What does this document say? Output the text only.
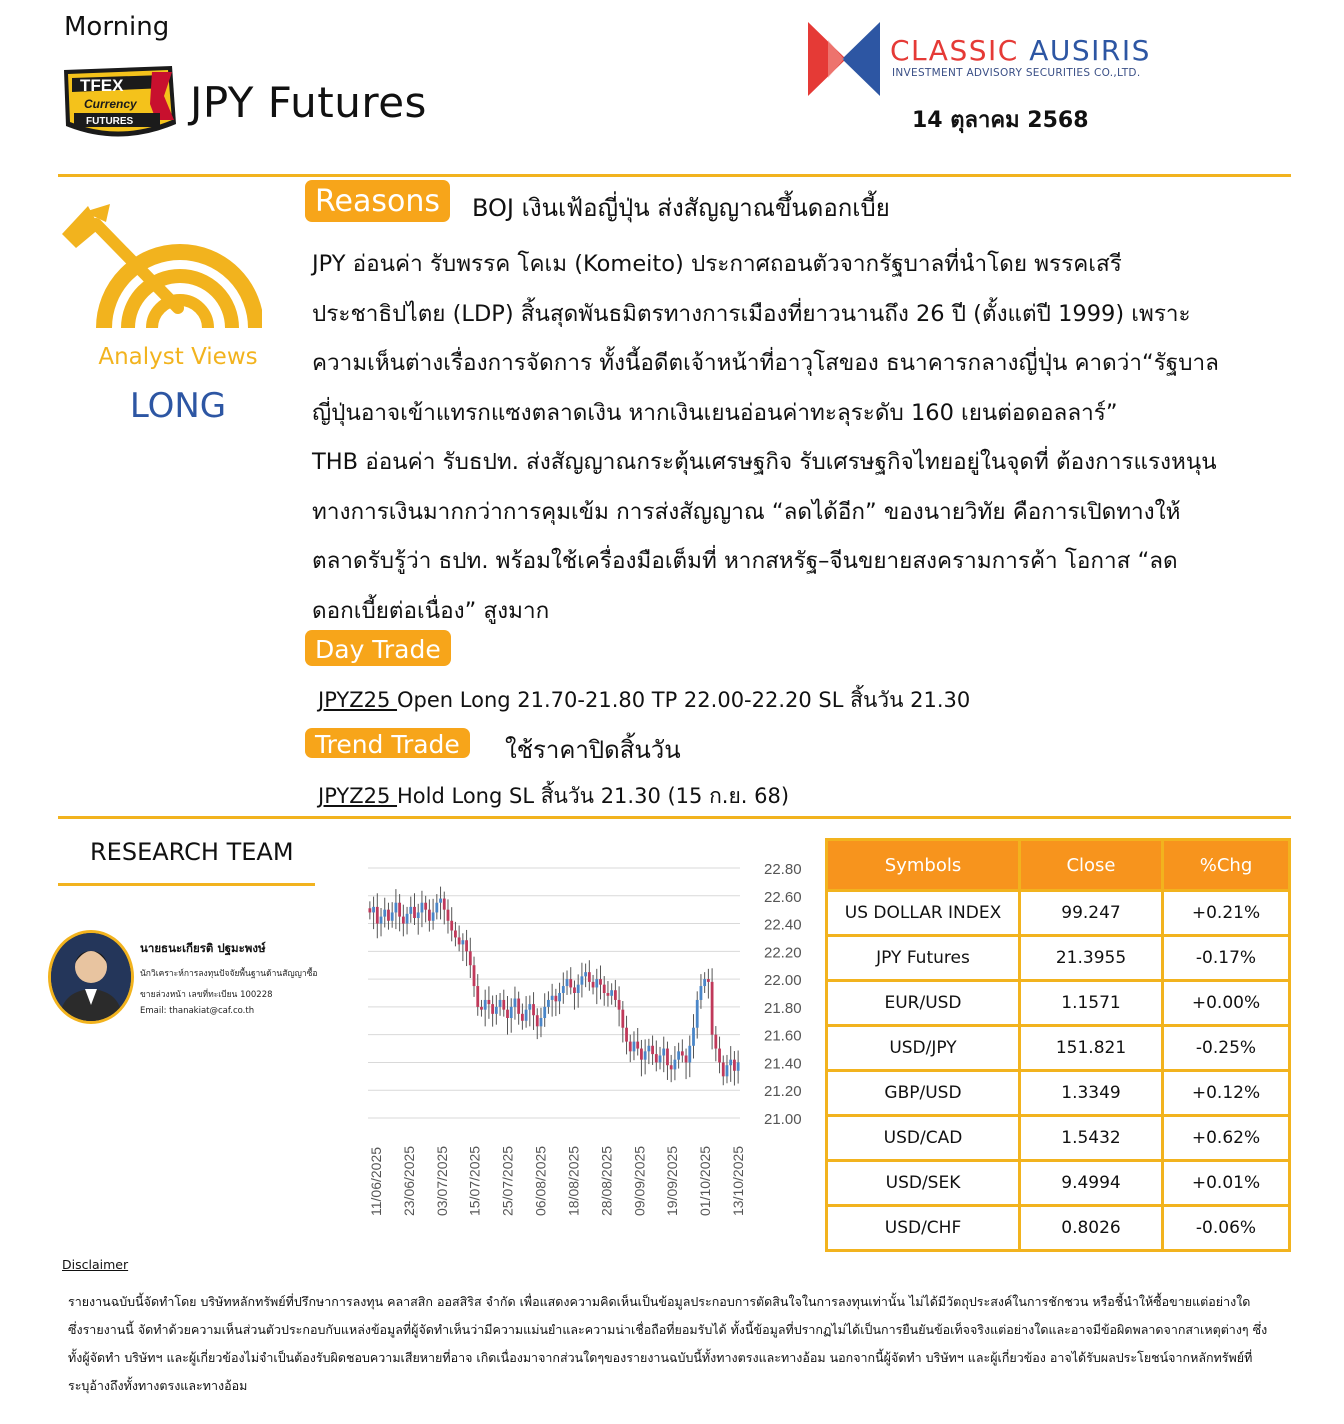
Morning
TFEX
Currency
FUTURES JPY Futures
CLASSIC AUSIRIS
INVESTMENT ADVISORY SECURITIES CO.,LTD.
14 ตุลาคม 2568
Analyst Views
LONG
Reasons	BOJ เงินเฟ้อญี่ปุ่น ส่งสัญญาณขึ้นดอกเบี้ย
JPY อ่อนค่า รับพรรค โคเม (Komeito) ประกาศถอนตัวจากรัฐบาลที่นำโดย พรรคเสรี
ประชาธิปไตย (LDP) สิ้นสุดพันธมิตรทางการเมืองที่ยาวนานถึง 26 ปี (ตั้งแต่ปี 1999) เพราะ
ความเห็นต่างเรื่องการจัดการ ทั้งนี้อดีตเจ้าหน้าที่อาวุโสของ ธนาคารกลางญี่ปุ่น คาดว่า“รัฐบาล
ญี่ปุ่นอาจเข้าแทรกแซงตลาดเงิน หากเงินเยนอ่อนค่าทะลุระดับ 160 เยนต่อดอลลาร์”
THB อ่อนค่า รับธปท. ส่งสัญญาณกระตุ้นเศรษฐกิจ รับเศรษฐกิจไทยอยู่ในจุดที่ ต้องการแรงหนุน
ทางการเงินมากกว่าการคุมเข้ม การส่งสัญญาณ “ลดได้อีก” ของนายวิทัย คือการเปิดทางให้
ตลาดรับรู้ว่า ธปท. พร้อมใช้เครื่องมือเต็มที่ หากสหรัฐ–จีนขยายสงครามการค้า โอกาส “ลด
ดอกเบี้ยต่อเนื่อง” สูงมาก
Day Trade
JPYZ25 Open Long 21.70-21.80 TP 22.00-22.20 SL สิ้นวัน 21.30
Trend Trade	ใช้ราคาปิดสิ้นวัน
JPYZ25 Hold Long SL สิ้นวัน 21.30 (15 ก.ย. 68)
RESEARCH TEAM
นายธนะเกียรติ ปฐมะพงษ์
นักวิเคราะห์การลงทุนปัจจัยพื้นฐานด้านสัญญาซื้อ
ขายล่วงหน้า เลขที่ทะเบียน 100228
Email: thanakiat@caf.co.th
22.80
22.60
22.40
22.20
22.00
21.80
21.60
21.40
21.20
21.00
11/06/2025 23/06/2025 03/07/2025 15/07/2025 25/07/2025 06/08/2025 18/08/2025 28/08/2025 09/09/2025 19/09/2025 01/10/2025 13/10/2025
Symbols	Close	%Chg
US DOLLAR INDEX	99.247	+0.21%
JPY Futures	21.3955	-0.17%
EUR/USD	1.1571	+0.00%
USD/JPY	151.821	-0.25%
GBP/USD	1.3349	+0.12%
USD/CAD	1.5432	+0.62%
USD/SEK	9.4994	+0.01%
USD/CHF	0.8026	-0.06%
Disclaimer
รายงานฉบับนี้จัดทำโดย บริษัทหลักทรัพย์ที่ปรึกษาการลงทุน คลาสสิก ออสสิริส จำกัด เพื่อแสดงความคิดเห็นเป็นข้อมูลประกอบการตัดสินใจในการลงทุนเท่านั้น ไม่ได้มีวัตถุประสงค์ในการชักชวน หรือชี้นำให้ซื้อขายแต่อย่างใด ซึ่งรายงานนี้ จัดทำด้วยความเห็นส่วนตัวประกอบกับแหล่งข้อมูลที่ผู้จัดทำเห็นว่ามีความแม่นยำและความน่าเชื่อถือที่ยอมรับได้ ทั้งนี้ข้อมูลที่ปรากฏไม่ได้เป็นการยืนยันข้อเท็จจริงแต่อย่างใดและอาจมีข้อผิดพลาดจากสาเหตุต่างๆ ซึ่งทั้งผู้จัดทำ บริษัทฯ และผู้เกี่ยวข้องไม่จำเป็นต้องรับผิดชอบความเสียหายที่อาจ เกิดเนื่องมาจากส่วนใดๆของรายงานฉบับนี้ทั้งทางตรงและทางอ้อม นอกจากนี้ผู้จัดทำ บริษัทฯ และผู้เกี่ยวข้อง อาจได้รับผลประโยชน์จากหลักทรัพย์ที่ระบุอ้างถึงทั้งทางตรงและทางอ้อม
